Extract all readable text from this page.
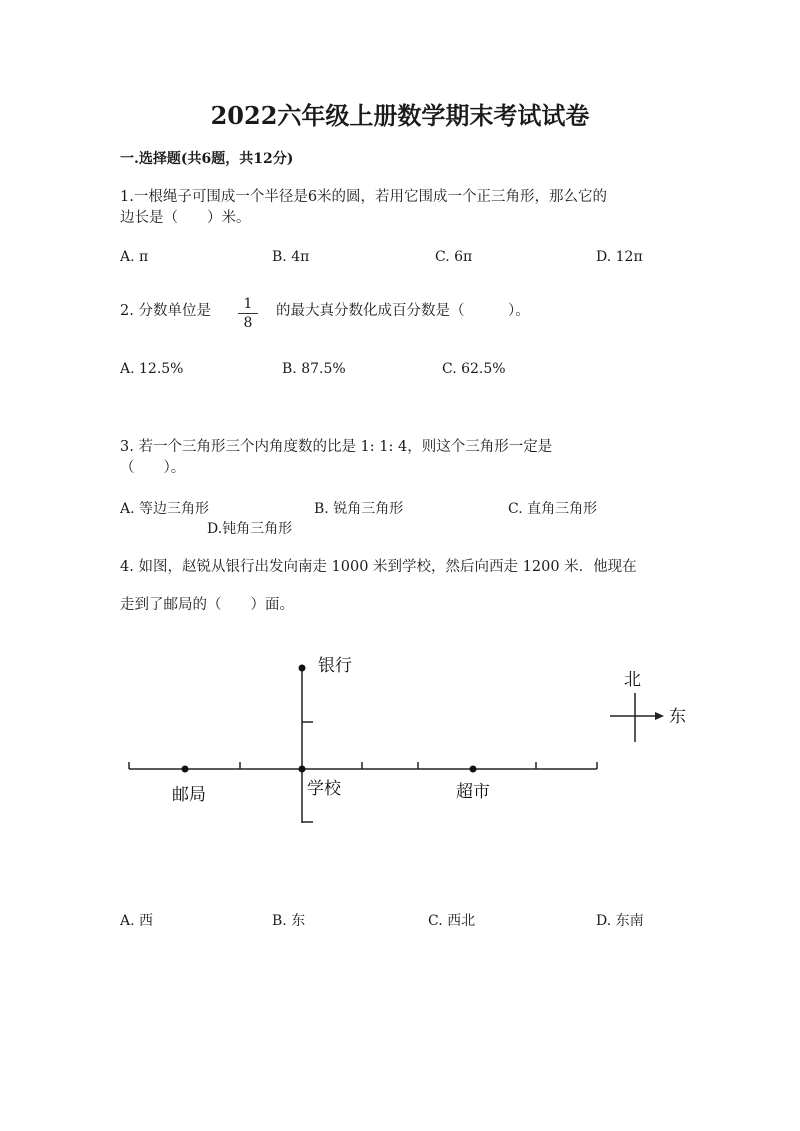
2022六年级上册数学期末考试试卷
一.选择题(共6题，共12分)
1.一根绳子可围成一个半径是6米的圆，若用它围成一个正三角形，那么它的
边长是（　　）米。
A. π	B. 4π	C. 6π	D. 12π
2. 分数单位是	1
8
的最大真分数化成百分数是（　　　）。
A. 12.5%	B. 87.5%	C. 62.5%
3. 若一个三角形三个内角度数的比是 1: 1: 4，则这个三角形一定是
（　　）。
A. 等边三角形	B. 锐角三角形	C. 直角三角形
D.钝角三角形
4. 如图，赵锐从银行出发向南走 1000 米到学校，然后向西走 1200 米．他现在
走到了邮局的（　　）面。
银行
学校
邮局	超市
北
东
A. 西	B. 东	C. 西北	D. 东南
